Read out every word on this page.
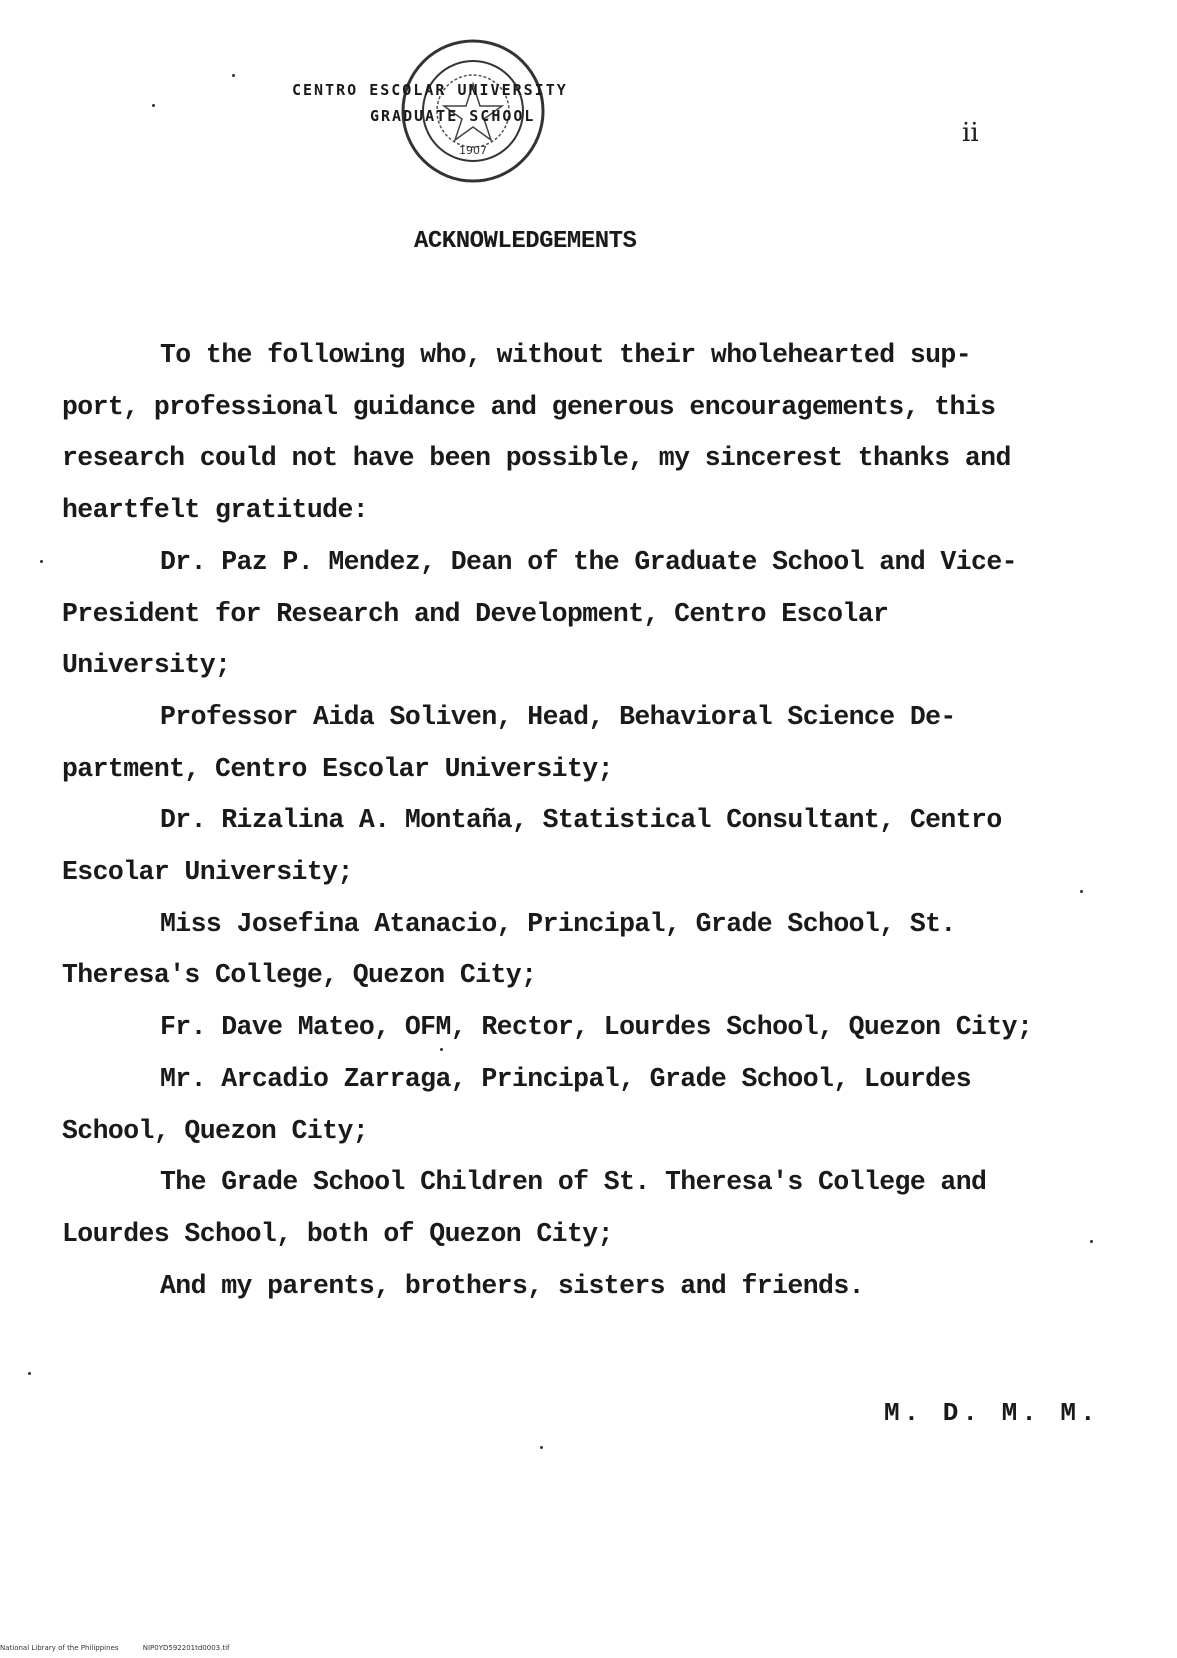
1907
CENTRO ESCOLAR UNIVERSITY
GRADUATE SCHOOL
ii
ACKNOWLEDGEMENTS

To the following who, without their wholehearted sup- port, professional guidance and generous encouragements, this research could not have been possible, my sincerest thanks and heartfelt gratitude:

Dr. Paz P. Mendez, Dean of the Graduate School and Vice-President for Research and Development, Centro Escolar University;

Professor Aida Soliven, Head, Behavioral Science De- partment, Centro Escolar University;

Dr. Rizalina A. Montaña, Statistical Consultant, Centro Escolar University;

Miss Josefina Atanacio, Principal, Grade School, St. Theresa's College, Quezon City;

Fr. Dave Mateo, OFM, Rector, Lourdes School, Quezon City;

Mr. Arcadio Zarraga, Principal, Grade School, Lourdes School, Quezon City;

The Grade School Children of St. Theresa's College and Lourdes School, both of Quezon City;

And my parents, brothers, sisters and friends.

M. D. M. M.
National Library of the Philippines	NIP0YD592201td0003.tif
